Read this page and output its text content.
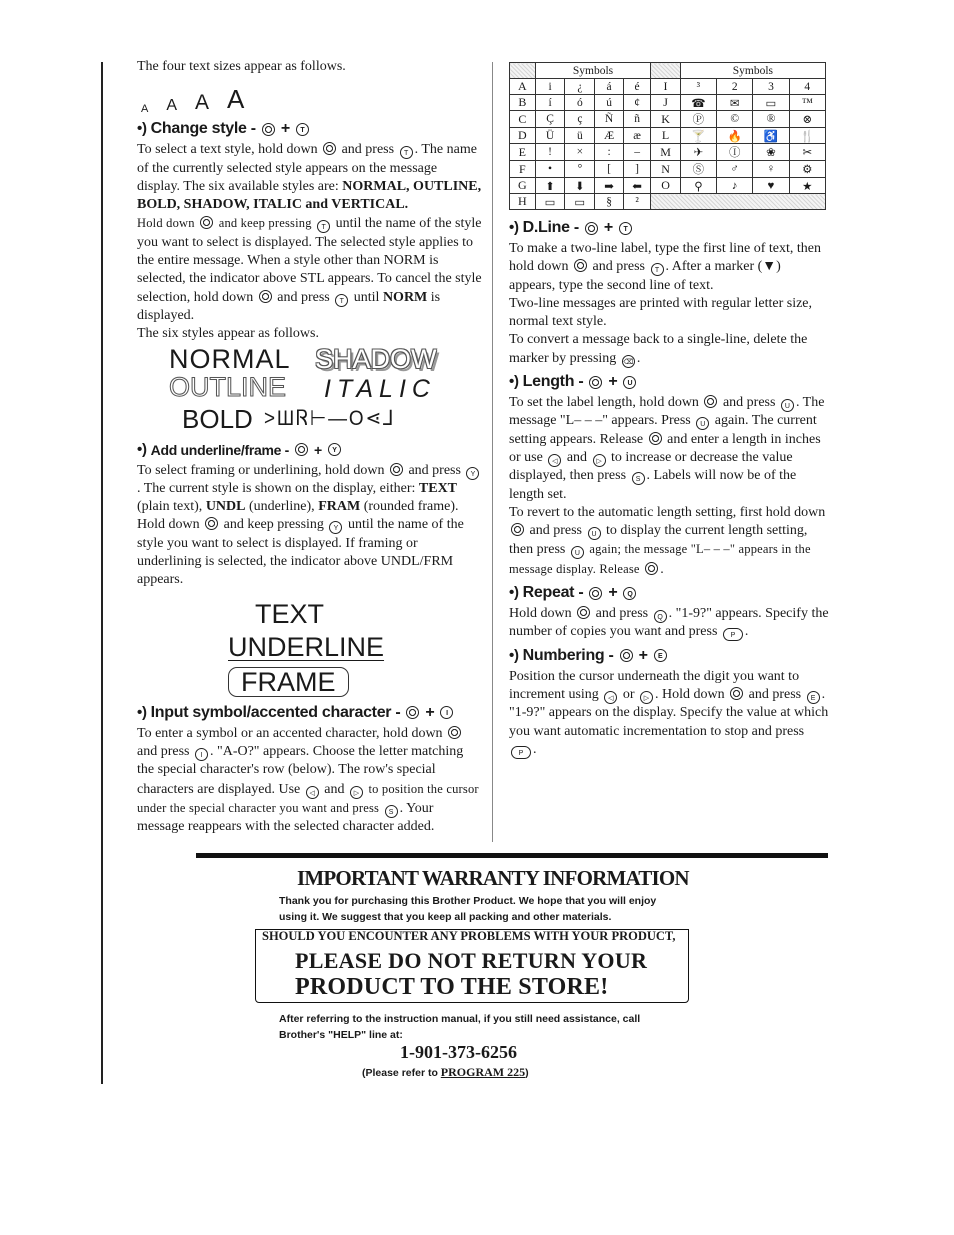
The four text sizes appear as follows.

A A A A
•) Change style - +	T

To select a text style, hold down and press T . The name of the currently selected style appears on the message display. The six available styles are: NORMAL, OUTLINE, BOLD, SHADOW, ITALIC and VERTICAL.

Hold down and keep pressing T until the name of the style you want to select is displayed. The selected style applies to the entire message. When a style other than NORM is selected, the indicator above STL appears. To cancel the style selection, hold down and press T until NORM is displayed.

The six styles appear as follows.

NORMAL SHADOW
OUTLINE ITALIC
BOLD >ШᏒ⊢—О⋖⅃
•) Add underline/frame - +	Y

To select framing or underlining, hold down and press Y. The current style is shown on the display, either: TEXT (plain text), UNDL (underline), FRAM (rounded frame). Hold down and keep pressing Y until the name of the style you want to select is displayed. If framing or underlining is selected, the indicator above UNDL/FRM appears.

TEXT
UNDERLINE
FRAME
•) Input symbol/accented character - +	I

To enter a symbol or an accented character, hold down  and press I . "A-O?" appears. Choose the letter matching the special character's row (below). The row's special characters are displayed. Use ◁ and ▷ to position the cursor under the special character you want and press S . Your message reappears with the selected character added.

	Symbols					Symbols			
A	i	¿	á	é	I	³	2	3	4
B	í	ó	ú	¢	J	☎	✉	▭	™
C	Ç	ç	Ñ	ñ	K	Ⓟ	©	®	⊗
D	Ü	ü	Æ	æ	L	🍸	🔥	♿	🍴
E	!	×	:	–	M	✈	Ⓘ	❀	✂
F	•	°	[	]	N	Ⓢ	♂	♀	⚙
G	⬆	⬇	➡	⬅	O	⚲	♪	♥	★
H	▭	▭	§	²					
•) D.Line - +	T

To make a two-line label, type the first line of text, then hold down and press T . After a marker (▼) appears, type the second line of text.

Two-line messages are printed with regular letter size, normal text style.

To convert a message back to a single-line, delete the marker by pressing ⌫ .

•) Length - +	U

To set the label length, hold down and press U . The message "L– – –" appears. Press U again. The current setting appears. Release and enter a length in inches or use ◁ and ▷ to increase or decrease the value displayed, then press S . Labels will now be of the length set.

To revert to the automatic length setting, first hold down  and press U to display the current length setting, then press U again; the message "L– – –" appears in the message display. Release .

•) Repeat - +	Q

Hold down and press Q . "1-9?" appears. Specify the number of copies you want and press P .

•) Numbering - +	E

Position the cursor underneath the digit you want to increment using ◁ or ▷ . Hold down and press E . "1-9?" appears on the display. Specify the value at which you want automatic incrementation to stop and press P .

IMPORTANT WARRANTY INFORMATION
Thank you for purchasing this Brother Product. We hope that you will enjoy using it. We suggest that you keep all packing and other materials.
SHOULD YOU ENCOUNTER ANY PROBLEMS WITH YOUR PRODUCT,
PLEASE DO NOT RETURN YOUR
PRODUCT TO THE STORE!
After referring to the instruction manual, if you still need assistance, call Brother's "HELP" line at:
1-901-373-6256
(Please refer to PROGRAM 225)
